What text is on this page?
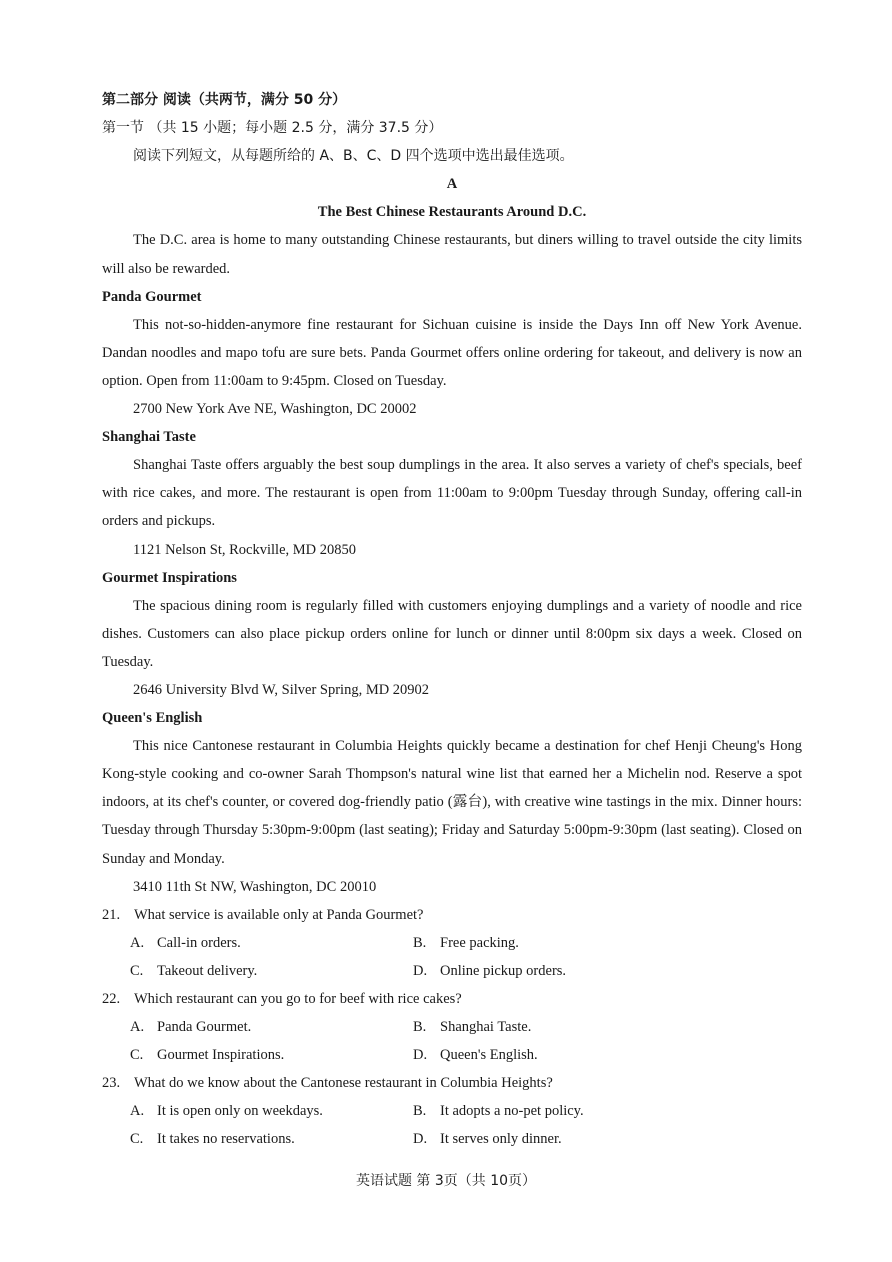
第二部分 阅读（共两节，满分 50 分）
第一节 （共 15 小题；每小题 2.5 分，满分 37.5 分）
阅读下列短文，从每题所给的 A、B、C、D 四个选项中选出最佳选项。
A
The Best Chinese Restaurants Around D.C.
The D.C. area is home to many outstanding Chinese restaurants, but diners willing to travel outside the city limits will also be rewarded.
Panda Gourmet
This not-so-hidden-anymore fine restaurant for Sichuan cuisine is inside the Days Inn off New York Avenue. Dandan noodles and mapo tofu are sure bets. Panda Gourmet offers online ordering for takeout, and delivery is now an option. Open from 11:00am to 9:45pm. Closed on Tuesday.
2700 New York Ave NE, Washington, DC 20002
Shanghai Taste
Shanghai Taste offers arguably the best soup dumplings in the area. It also serves a variety of chef's specials, beef with rice cakes, and more. The restaurant is open from 11:00am to 9:00pm Tuesday through Sunday, offering call-in orders and pickups.
1121 Nelson St, Rockville, MD 20850
Gourmet Inspirations
The spacious dining room is regularly filled with customers enjoying dumplings and a variety of noodle and rice dishes. Customers can also place pickup orders online for lunch or dinner until 8:00pm six days a week. Closed on Tuesday.
2646 University Blvd W, Silver Spring, MD 20902
Queen's English
This nice Cantonese restaurant in Columbia Heights quickly became a destination for chef Henji Cheung's Hong Kong-style cooking and co-owner Sarah Thompson's natural wine list that earned her a Michelin nod. Reserve a spot indoors, at its chef's counter, or covered dog-friendly patio (露台), with creative wine tastings in the mix. Dinner hours: Tuesday through Thursday 5:30pm-9:00pm (last seating); Friday and Saturday 5:00pm-9:30pm (last seating). Closed on Sunday and Monday.
3410 11th St NW, Washington, DC 20010
21. What service is available only at Panda Gourmet?
A. Call-in orders.	B. Free packing.
C. Takeout delivery.	D. Online pickup orders.
22. Which restaurant can you go to for beef with rice cakes?
A. Panda Gourmet.	B. Shanghai Taste.
C. Gourmet Inspirations.	D. Queen's English.
23. What do we know about the Cantonese restaurant in Columbia Heights?
A. It is open only on weekdays.	B. It adopts a no-pet policy.
C. It takes no reservations.	D. It serves only dinner.
英语试题 第 3页（共 10页）
